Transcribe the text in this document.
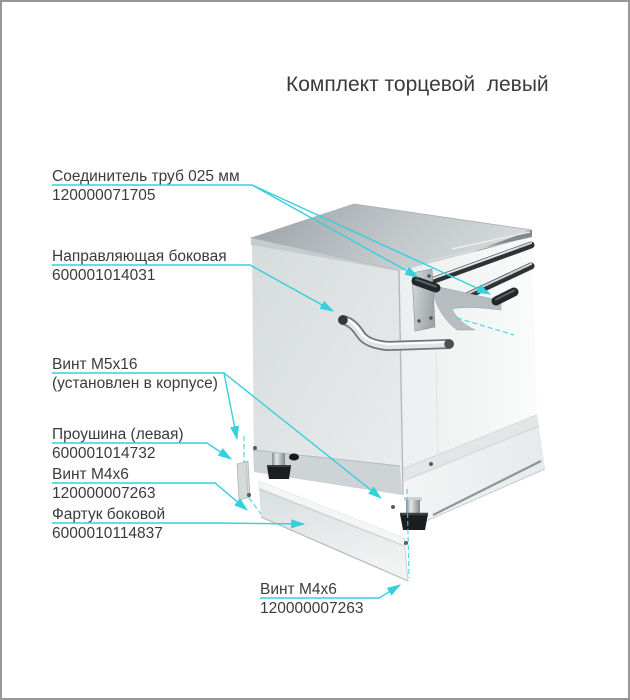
Комплект торцевой  левый
Соединитель труб 025 мм
120000071705
Направляющая боковая
600001014031
Винт М5х16
(установлен в корпусе)
Проушина (левая)
600001014732
Винт М4х6
120000007263
Фартук боковой
6000010114837
Винт М4х6
120000007263
